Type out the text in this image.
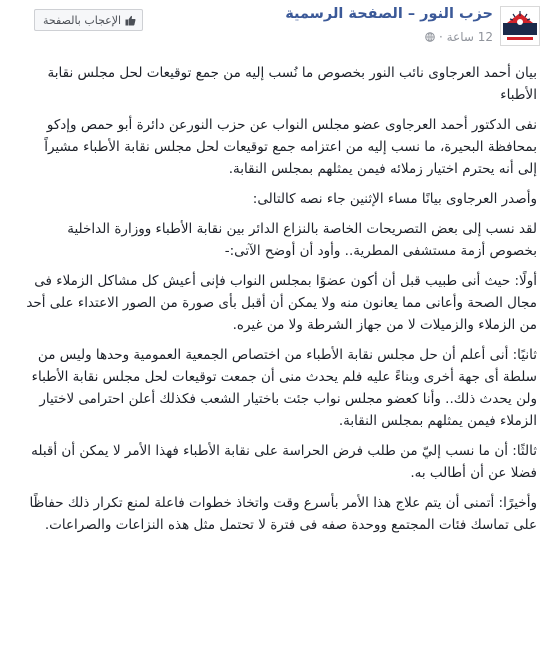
حزب النور – الصفحة الرسمية
12 ساعة ·
الإعجاب بالصفحة

بيان أحمد العرجاوى نائب النور بخصوص ما نُسب إليه من جمع توقيعات لحل مجلس نقابة الأطباء

نفى الدكتور أحمد العرجاوى عضو مجلس النواب عن حزب النورعن دائرة أبو حمص وإدكو بمحافظة البحيرة، ما نسب إليه من اعتزامه جمع توقيعات لحل مجلس نقابة الأطباء مشيراً إلى أنه يحترم اختيار زملائه فيمن يمثلهم بمجلس النقابة.

وأصدر العرجاوى بيانًا مساء الإثنين جاء نصه كالتالى:

لقد نسب إلى بعض التصريحات الخاصة بالنزاع الدائر بين نقابة الأطباء ووزارة الداخلية بخصوص أزمة مستشفى المطرية.. وأود أن أوضح الآتى:-

أولًا: حيث أنى طبيب قبل أن أكون عضوًا بمجلس النواب فإنى أعيش كل مشاكل الزملاء فى مجال الصحة وأعانى مما يعانون منه ولا يمكن أن أقبل بأى صورة من الصور الاعتداء على أحد من الزملاء والزميلات لا من جهاز الشرطة ولا من غيره.

ثانيًا: أنى أعلم أن حل مجلس نقابة الأطباء من اختصاص الجمعية العمومية وحدها وليس من سلطة أى جهة أخرى وبناءً عليه فلم يحدث منى أن جمعت توقيعات لحل مجلس نقابة الأطباء ولن يحدث ذلك.. وأنا كعضو مجلس نواب جئت باختيار الشعب فكذلك أعلن احترامى لاختيار الزملاء فيمن يمثلهم بمجلس النقابة.

ثالثًا: أن ما نسب إليّ من طلب فرض الحراسة على نقابة الأطباء فهذا الأمر لا يمكن أن أقبله فضلا عن أن أطالب به.

وأخيرًا: أتمنى أن يتم علاج هذا الأمر بأسرع وقت واتخاذ خطوات فاعلة لمنع تكرار ذلك حفاظًا على تماسك فئات المجتمع ووحدة صفه فى فترة لا تحتمل مثل هذه النزاعات والصراعات.
